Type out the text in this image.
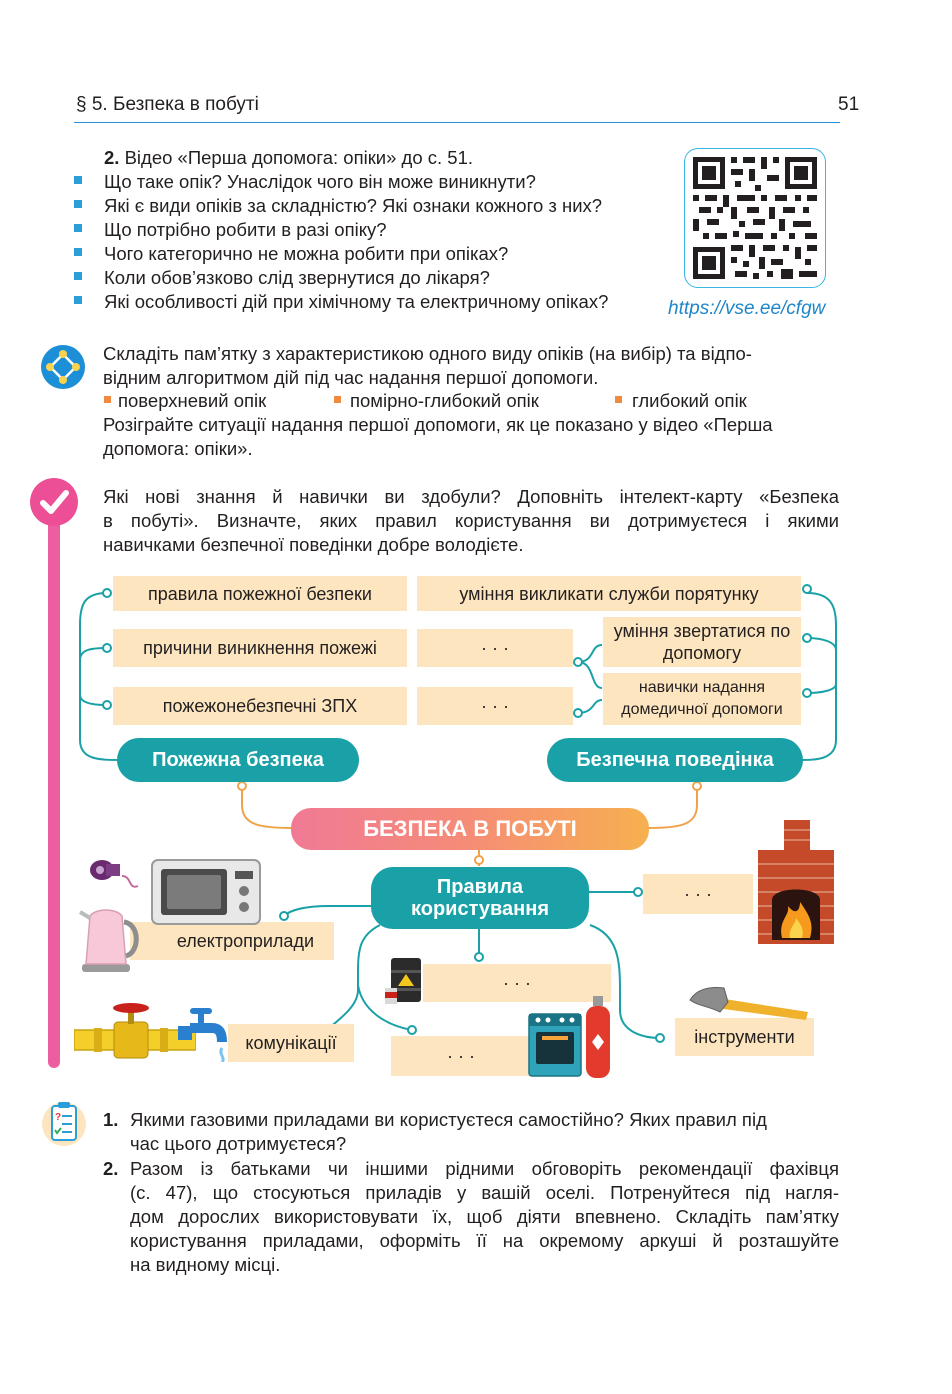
§ 5. Безпека в побуті	51
2. Відео «Перша допомога: опіки» до с. 51.
Що таке опік? Унаслідок чого він може виникнути?
Які є види опіків за складністю? Які ознаки кожного з них?
Що потрібно робити в разі опіку?
Чого категорично не можна робити при опіках?
Коли обов’язково слід звернутися до лікаря?
Які особливості дій при хімічному та електричному опіках?	https://vse.ee/cfgw
Складіть пам’ятку з характеристикою одного виду опіків (на вибір) та відпо-
відним алгоритмом дій під час надання першої допомоги.
поверхневий опік	помірно-глибокий опік	глибокий опік
Розіграйте ситуації надання першої допомоги, як це показано у відео «Перша
допомога: опіки».
Які нові знання й навички ви здобули? Доповніть інтелект-карту «Безпека
в побуті». Визначте, яких правил користування ви дотримуєтеся і якими
навичками безпечної поведінки добре володієте.
правила пожежної безпеки
причини виникнення пожежі
пожежонебезпечні ЗПХ
уміння викликати служби порятунку
· · ·
· · ·
уміння звертатися по допомогу
навички надання домедичної допомоги
Пожежна безпека	Безпечна поведінка
БЕЗПЕКА В ПОБУТІ
Правила користування
електроприлади
· · ·
· · ·
комунікації
· · ·
інструменти
? 1. Якими газовими приладами ви користуєтеся самостійно? Яких правил під
час цього дотримуєтеся?
2. Разом із батьками чи іншими рідними обговоріть рекомендації фахівця
(с. 47), що стосуються приладів у вашій оселі. Потренуйтеся під нагля-
дом дорослих використовувати їх, щоб діяти впевнено. Складіть пам’ятку
користування приладами, оформіть її на окремому аркуші й розташуйте
на видному місці.
